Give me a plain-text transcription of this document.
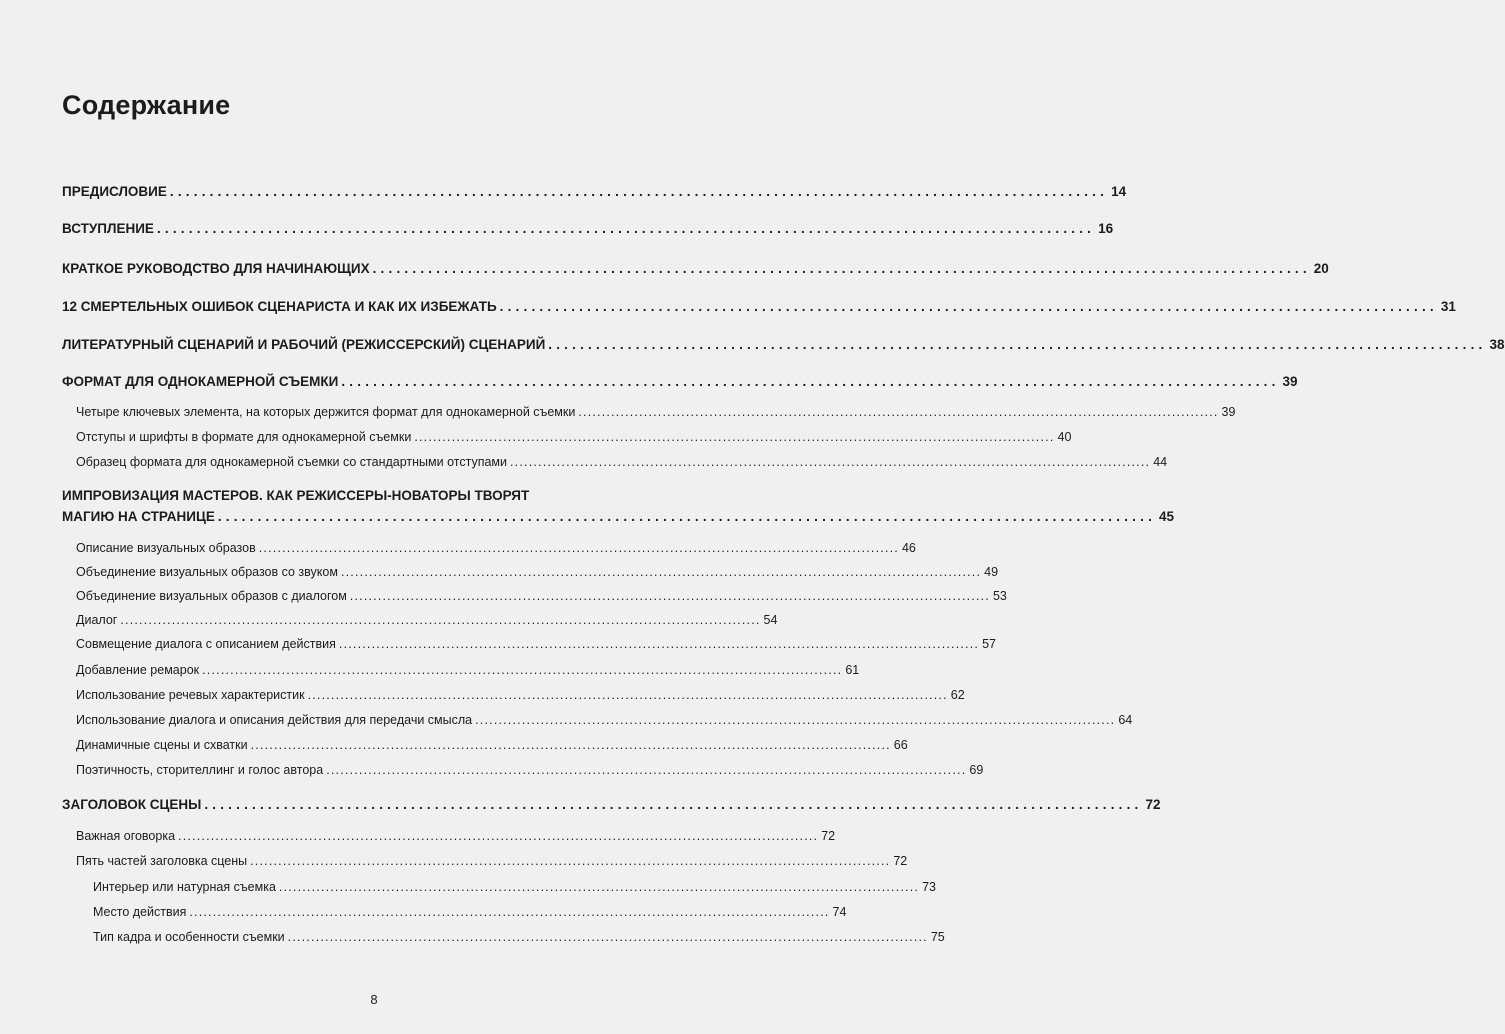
Содержание
ПРЕДИСЛОВИЕ ...................................................................................................................... 14
ВСТУПЛЕНИЕ ...................................................................................................................... 16
КРАТКОЕ РУКОВОДСТВО ДЛЯ НАЧИНАЮЩИХ ...................................................................................................................... 20
12 СМЕРТЕЛЬНЫХ ОШИБОК СЦЕНАРИСТА И КАК ИХ ИЗБЕЖАТЬ ...................................................................................................................... 31
ЛИТЕРАТУРНЫЙ СЦЕНАРИЙ И РАБОЧИЙ (РЕЖИССЕРСКИЙ) СЦЕНАРИЙ ...................................................................................................................... 38
ФОРМАТ ДЛЯ ОДНОКАМЕРНОЙ СЪЕМКИ ...................................................................................................................... 39
Четыре ключевых элемента, на которых держится формат для однокамерной съемки ......................................................................................................................................... 39
Отступы и шрифты в формате для однокамерной съемки ......................................................................................................................................... 40
Образец формата для однокамерной съемки со стандартными отступами ......................................................................................................................................... 44
ИМПРОВИЗАЦИЯ МАСТЕРОВ. КАК РЕЖИССЕРЫ-НОВАТОРЫ ТВОРЯТ
МАГИЮ НА СТРАНИЦЕ ...................................................................................................................... 45
Описание визуальных образов ......................................................................................................................................... 46
Объединение визуальных образов со звуком ......................................................................................................................................... 49
Объединение визуальных образов с диалогом ......................................................................................................................................... 53
Диалог ......................................................................................................................................... 54
Совмещение диалога с описанием действия ......................................................................................................................................... 57
Добавление ремарок ......................................................................................................................................... 61
Использование речевых характеристик ......................................................................................................................................... 62
Использование диалога и описания действия для передачи смысла ......................................................................................................................................... 64
Динамичные сцены и схватки ......................................................................................................................................... 66
Поэтичность, сторителлинг и голос автора ......................................................................................................................................... 69
ЗАГОЛОВОК СЦЕНЫ ...................................................................................................................... 72
Важная оговорка ......................................................................................................................................... 72
Пять частей заголовка сцены ......................................................................................................................................... 72
Интерьер или натурная съемка ......................................................................................................................................... 73
Место действия ......................................................................................................................................... 74
Тип кадра и особенности съемки ......................................................................................................................................... 75
8
